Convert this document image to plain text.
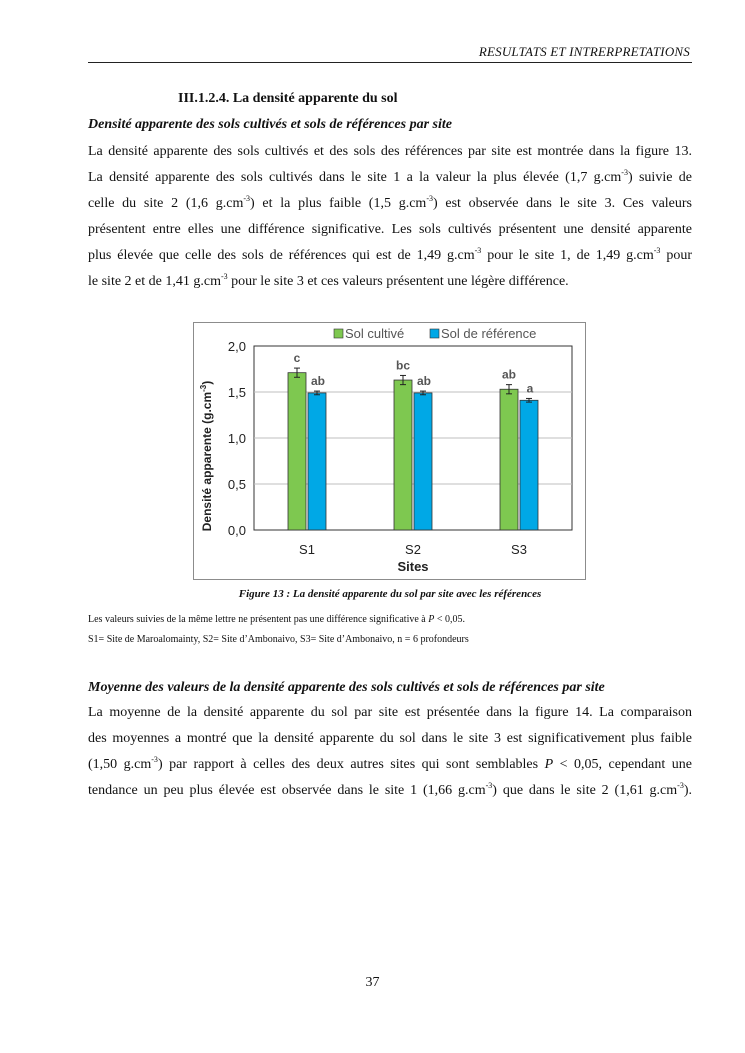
RESULTATS ET INTRERPRETATIONS
III.1.2.4. La densité apparente du sol
Densité apparente des sols cultivés et sols de références par site
La densité apparente des sols cultivés et des sols des références par site est montrée dans la figure 13.
La densité apparente des sols cultivés dans le site 1 a la valeur la plus élevée (1,7 $g.cm^{-3}$) suivie de
celle du site 2 (1,6 $g.cm^{-3}$) et la plus faible (1,5 $g.cm^{-3}$) est observée dans le site 3. Ces valeurs
présentent entre elles une différence significative. Les sols cultivés présentent une densité apparente
plus élevée que celle des sols de références qui est de 1,49 $g.cm^{-3}$ pour le site 1, de 1,49 $g.cm^{-3}$ pour
le site 2 et de 1,41 $g.cm^{-3}$ pour le site 3 et ces valeurs présentent une légère différence.
0,0
0,5
1,0
1,5
2,0
c
ab
S1
bc
ab
S2
ab
a
S3
Sites
Densité apparente $(g.cm^{-3})$
Sol cultivé	Sol de référence
Figure 13 : La densité apparente du sol par site avec les références
Les valeurs suivies de la même lettre ne présentent pas une différence significative à P < 0,05.
S1= Site de Maroalomainty, S2= Site d’Ambonaivo, S3= Site d’Ambonaivo, n = 6 profondeurs
Moyenne des valeurs de la densité apparente des sols cultivés et sols de références par site
La moyenne de la densité apparente du sol par site est présentée dans la figure 14. La comparaison
des moyennes a montré que la densité apparente du sol dans le site 3 est significativement plus faible
(1,50 $g.cm^{-3}$) par rapport à celles des deux autres sites qui sont semblables P < 0,05, cependant une
tendance un peu plus élevée est observée dans le site 1 (1,66 $g.cm^{-3}$) que dans le site 2 (1,61 $g.cm^{-3}$).
37
